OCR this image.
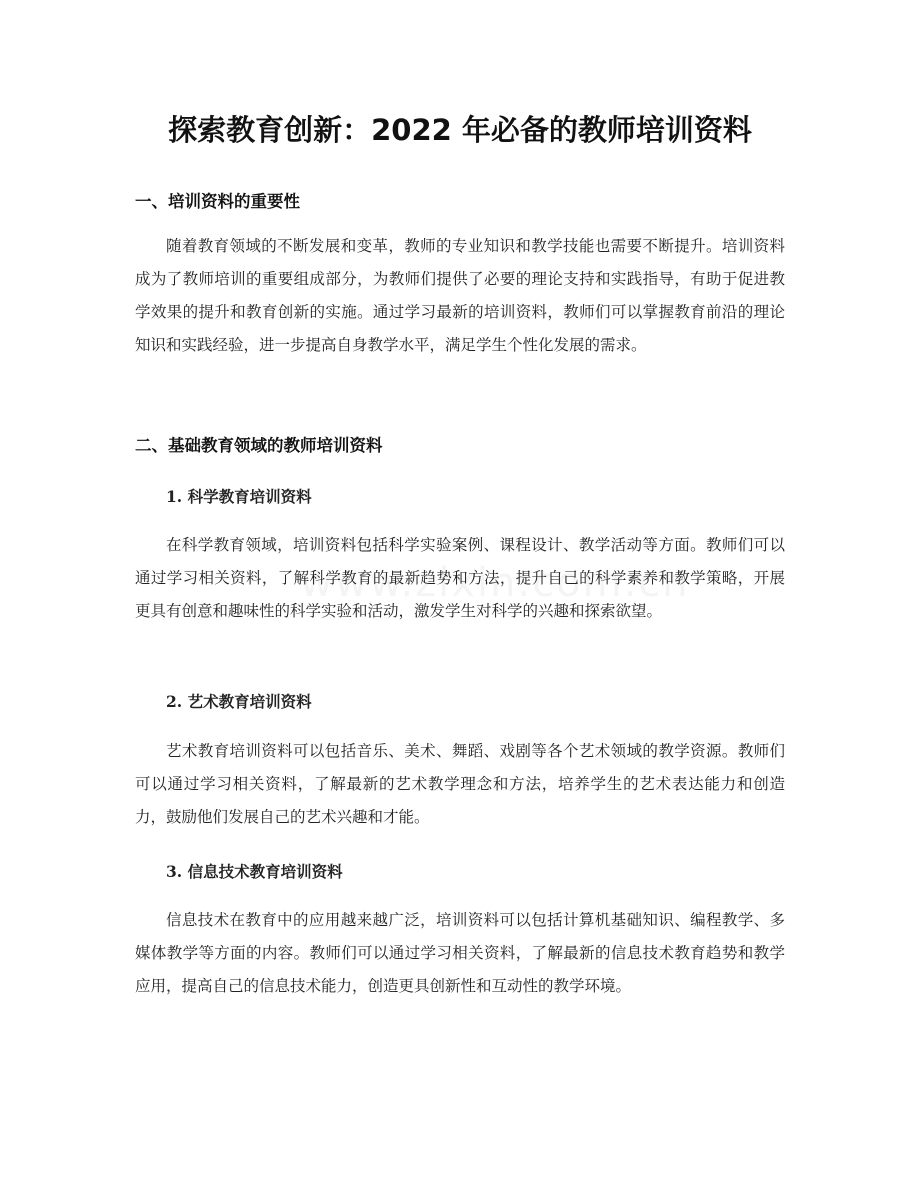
探索教育创新：2022 年必备的教师培训资料
一、培训资料的重要性

随着教育领域的不断发展和变革，教师的专业知识和教学技能也需要不断提升。培训资料成为了教师培训的重要组成部分，为教师们提供了必要的理论支持和实践指导，有助于促进教学效果的提升和教育创新的实施。通过学习最新的培训资料，教师们可以掌握教育前沿的理论知识和实践经验，进一步提高自身教学水平，满足学生个性化发展的需求。

二、基础教育领域的教师培训资料
1. 科学教育培训资料

在科学教育领域，培训资料包括科学实验案例、课程设计、教学活动等方面。教师们可以通过学习相关资料，了解科学教育的最新趋势和方法，提升自己的科学素养和教学策略，开展更具有创意和趣味性的科学实验和活动，激发学生对科学的兴趣和探索欲望。

2. 艺术教育培训资料

艺术教育培训资料可以包括音乐、美术、舞蹈、戏剧等各个艺术领域的教学资源。教师们可以通过学习相关资料，了解最新的艺术教学理念和方法，培养学生的艺术表达能力和创造力，鼓励他们发展自己的艺术兴趣和才能。

3. 信息技术教育培训资料

信息技术在教育中的应用越来越广泛，培训资料可以包括计算机基础知识、编程教学、多媒体教学等方面的内容。教师们可以通过学习相关资料，了解最新的信息技术教育趋势和教学应用，提高自己的信息技术能力，创造更具创新性和互动性的教学环境。
